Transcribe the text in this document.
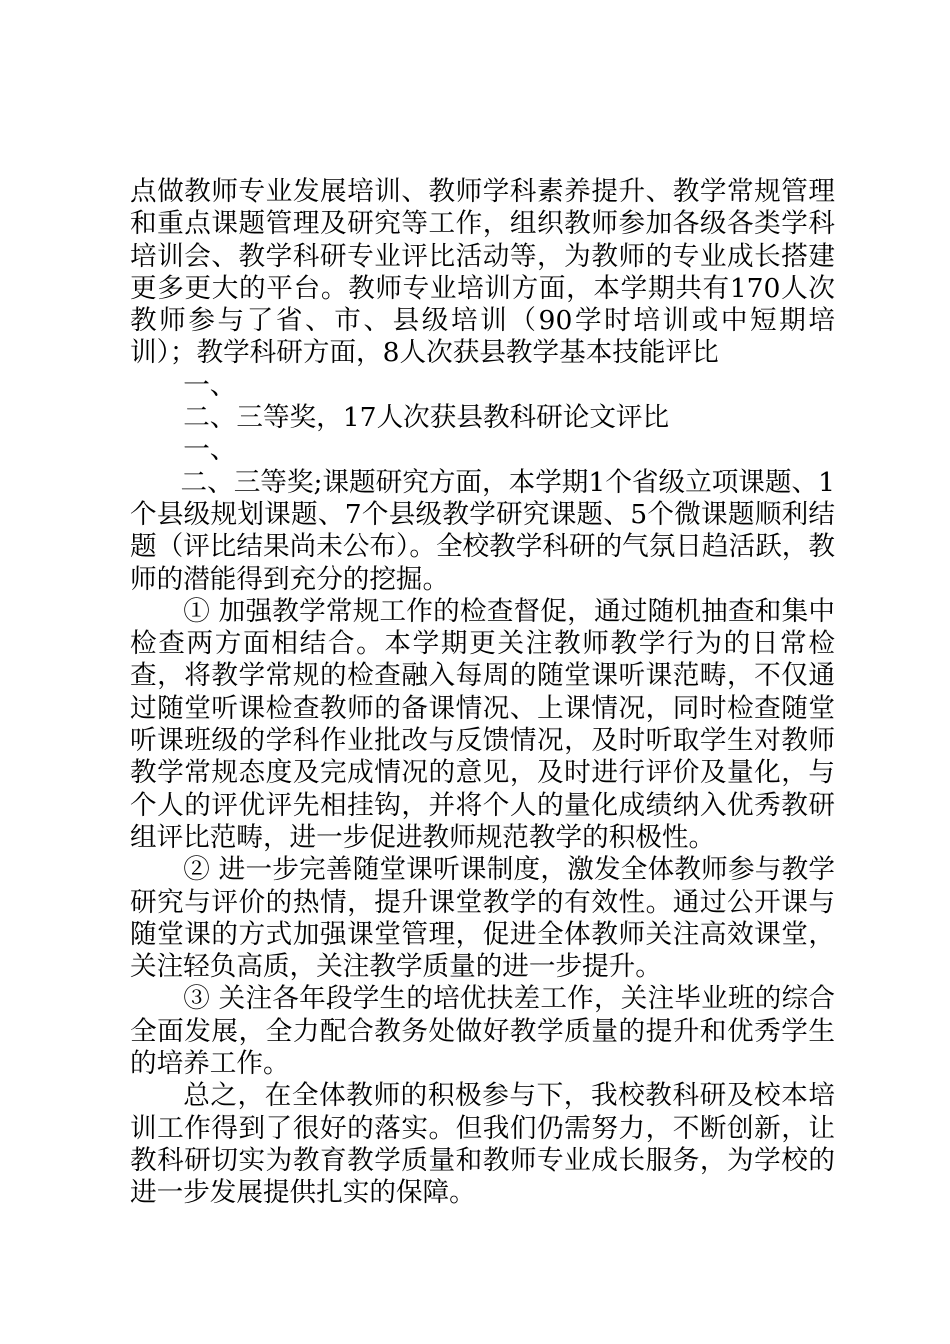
点做教师专业发展培训、教师学科素养提升、教学常规管理和重点课题管理及研究等工作，组织教师参加各级各类学科培训会、教学科研专业评比活动等，为教师的专业成长搭建更多更大的平台。教师专业培训方面，本学期共有170人次教师参与了省、市、县级培训（90学时培训或中短期培训）；教学科研方面，8人次获县教学基本技能评比

一、

二、三等奖，17人次获县教科研论文评比

一、

二、三等奖;课题研究方面，本学期1个省级立项课题、1个县级规划课题、7个县级教学研究课题、5个微课题顺利结题（评比结果尚未公布）。全校教学科研的气氛日趋活跃，教师的潜能得到充分的挖掘。

① 加强教学常规工作的检查督促，通过随机抽查和集中检查两方面相结合。本学期更关注教师教学行为的日常检查，将教学常规的检查融入每周的随堂课听课范畴，不仅通过随堂听课检查教师的备课情况、上课情况，同时检查随堂听课班级的学科作业批改与反馈情况，及时听取学生对教师教学常规态度及完成情况的意见，及时进行评价及量化，与个人的评优评先相挂钩，并将个人的量化成绩纳入优秀教研组评比范畴，进一步促进教师规范教学的积极性。

② 进一步完善随堂课听课制度，激发全体教师参与教学研究与评价的热情，提升课堂教学的有效性。通过公开课与随堂课的方式加强课堂管理，促进全体教师关注高效课堂，关注轻负高质，关注教学质量的进一步提升。

③ 关注各年段学生的培优扶差工作，关注毕业班的综合全面发展，全力配合教务处做好教学质量的提升和优秀学生的培养工作。

总之，在全体教师的积极参与下，我校教科研及校本培训工作得到了很好的落实。但我们仍需努力，不断创新，让教科研切实为教育教学质量和教师专业成长服务，为学校的进一步发展提供扎实的保障。
